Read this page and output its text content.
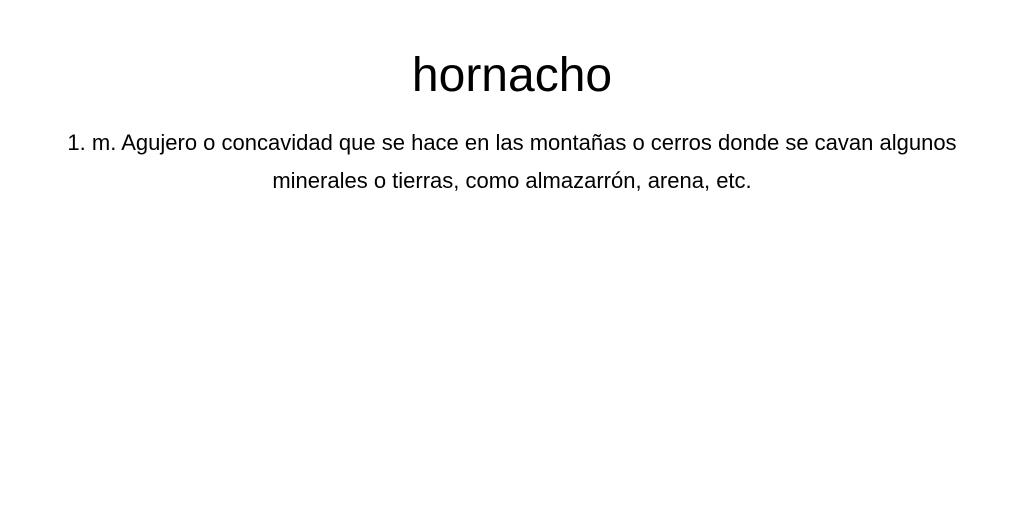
hornacho

1. m. Agujero o concavidad que se hace en las montañas o cerros donde se cavan algunos minerales o tierras, como almazarrón, arena, etc.
